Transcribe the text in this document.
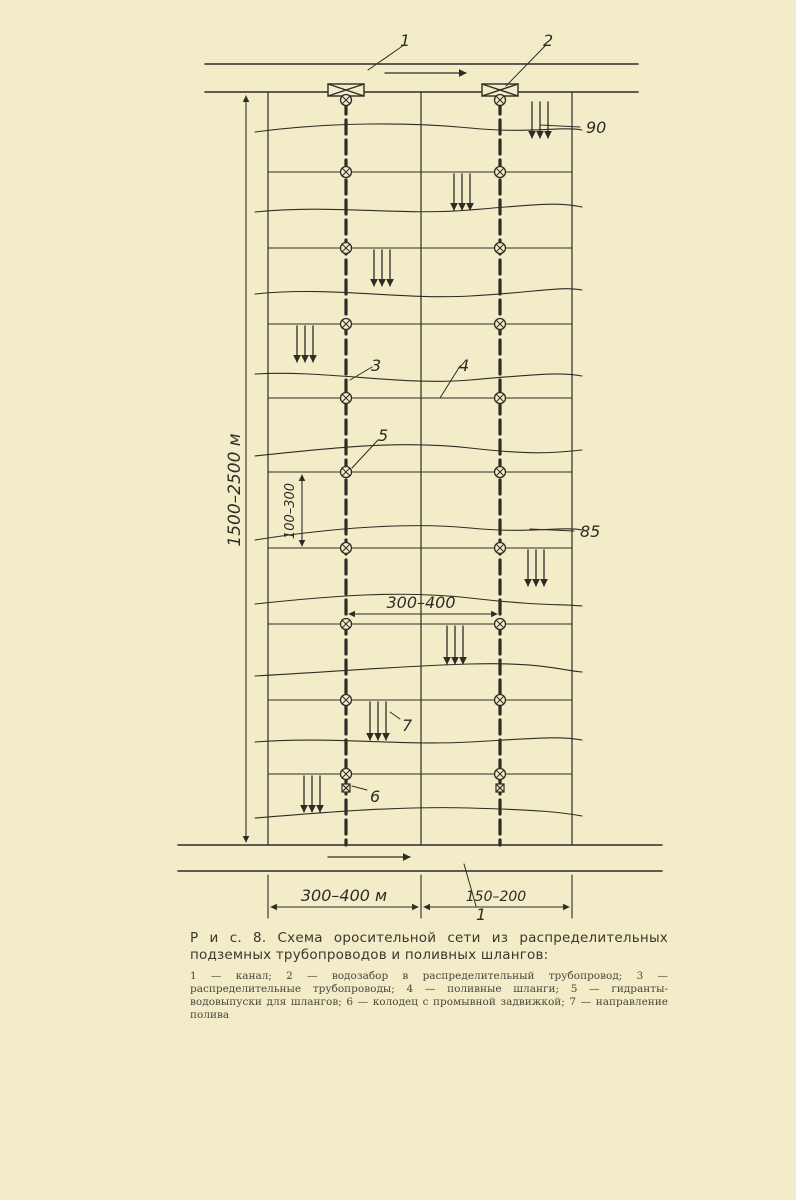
1	2
3	4
5
6
7
1
90
85
1500–2500 м	100–300
300–400
300–400 м	150–200

Р и с. 8. Схема оросительной сети из распределительных подземных трубопроводов и поливных шлангов:

1 — канал; 2 — водозабор в распределительный трубопровод; 3 — распределительные трубопроводы; 4 — поливные шланги; 5 — гидранты-водовыпуски для шлангов; 6 — колодец с промывной задвижкой; 7 — направление полива
